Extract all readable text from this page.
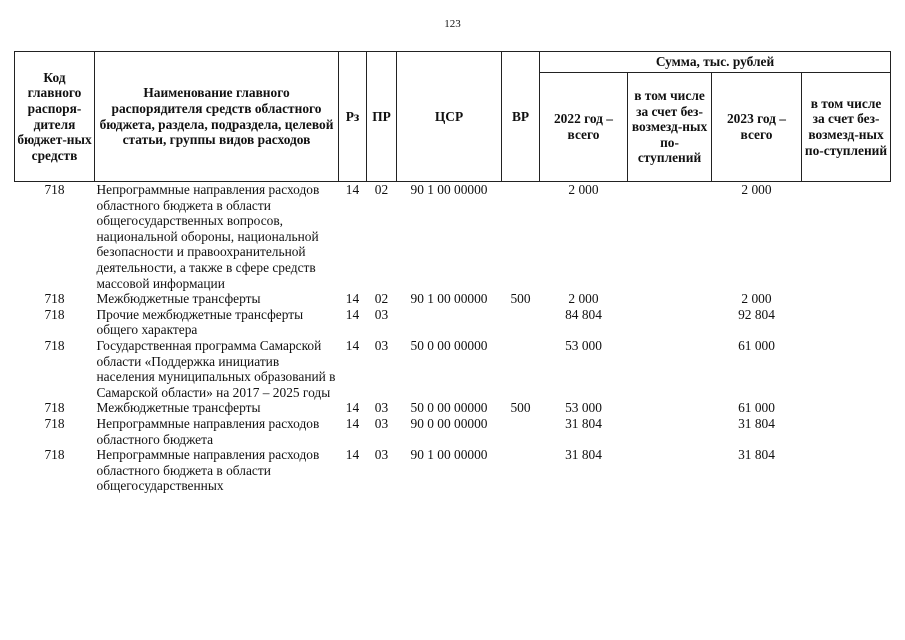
123
Код главного распоря-дителя бюджет-ных средств	Наименование главного распорядителя средств областного бюджета, раздела, подраздела, целевой статьи, группы видов расходов	Рз	ПР	ЦСР	ВР	Сумма, тыс. рублей			
						2022 год – всего	в том числе за счет без-возмезд-ных по-ступлений	2023 год – всего	в том числе за счет без-возмезд-ных по-ступлений
718	Непрограммные направления расходов областного бюджета в области общегосударственных вопросов, национальной обороны, национальной безопасности и правоохранительной деятельности, а также в сфере средств массовой информации	14	02	90 1 00 00000		2 000		2 000	
718	Межбюджетные трансферты	14	02	90 1 00 00000	500	2 000		2 000	
718	Прочие межбюджетные трансферты общего характера	14	03			84 804		92 804	
718	Государственная программа Самарской области «Поддержка инициатив населения муниципальных образований в Самарской области» на 2017 – 2025 годы	14	03	50 0 00 00000		53 000		61 000	
718	Межбюджетные трансферты	14	03	50 0 00 00000	500	53 000		61 000	
718	Непрограммные направления расходов областного бюджета	14	03	90 0 00 00000		31 804		31 804	
718	Непрограммные направления расходов областного бюджета в области общегосударственных	14	03	90 1 00 00000		31 804		31 804	
